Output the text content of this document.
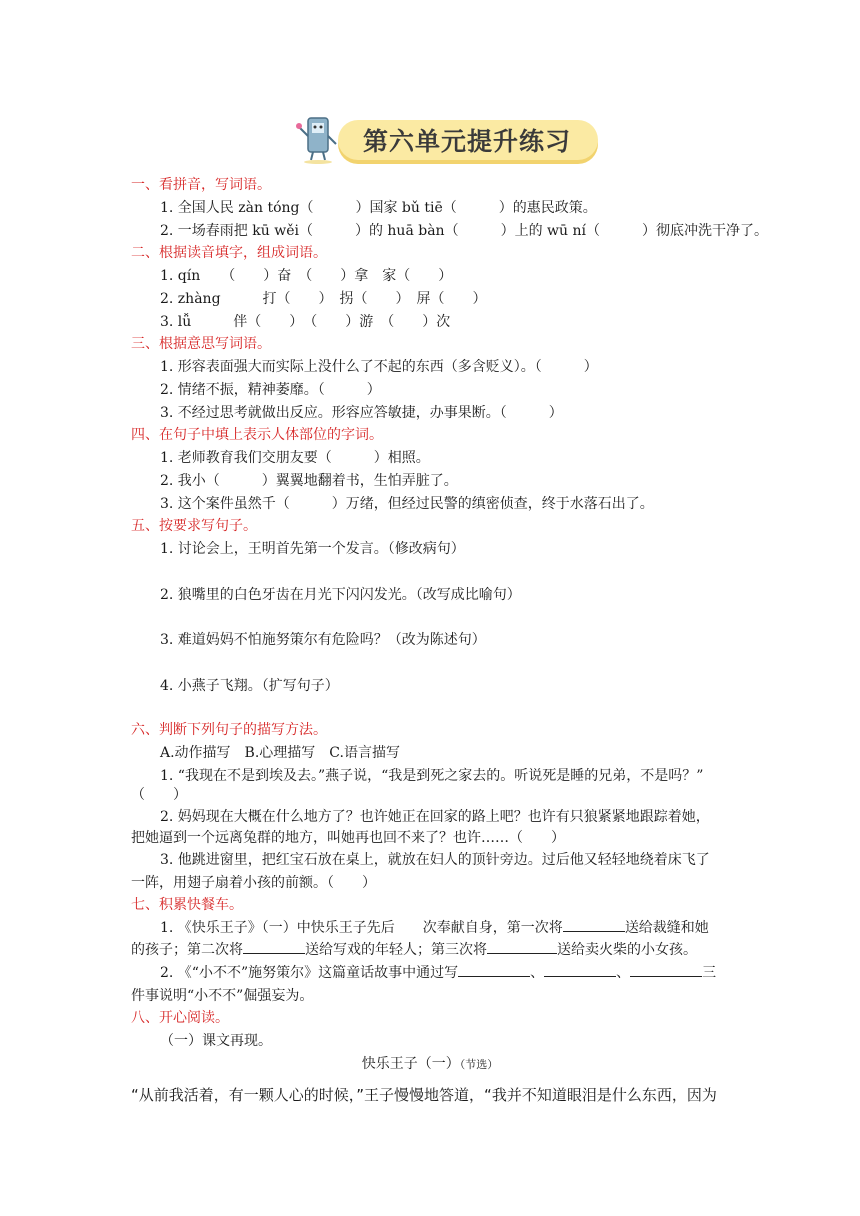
第六单元提升练习
一、看拼音，写词语。
1. 全国人民 zàn tóng（　　　	）国家 bǔ tiē（　　　	）的惠民政策。
2. 一场春雨把 kū wěi（　　　	）的 huā bàn（　　　	）上的 wū ní（　　　	）彻底冲洗干净了。
二、根据读音填字，组成词语。
1. qín　　（　　）奋　（　　）拿　家（　　）
2. zhàng　　　打（　　）　拐（　　）　屏（　　）
3. lǚ　　　伴（　　）　（　　）游　（　　）次
三、根据意思写词语。
1. 形容表面强大而实际上没什么了不起的东西（多含贬义）。（　　　）
2. 情绪不振，精神萎靡。（　　　）
3. 不经过思考就做出反应。形容应答敏捷，办事果断。（　　　）
四、在句子中填上表示人体部位的字词。
1. 老师教育我们交朋友要（　　　）相照。
2. 我小（　　　）翼翼地翻着书，生怕弄脏了。
3. 这个案件虽然千（　　　）万绪，但经过民警的缜密侦查，终于水落石出了。
五、按要求写句子。
1. 讨论会上，王明首先第一个发言。（修改病句）
2. 狼嘴里的白色牙齿在月光下闪闪发光。（改写成比喻句）
3. 难道妈妈不怕施努策尔有危险吗？（改为陈述句）
4. 小燕子飞翔。（扩写句子）
六、判断下列句子的描写方法。
A.动作描写　B.心理描写　C.语言描写
1. “我现在不是到埃及去。”燕子说，“我是到死之家去的。听说死是睡的兄弟，不是吗？”
（　　）
2. 妈妈现在大概在什么地方了？也许她正在回家的路上吧？也许有只狼紧紧地跟踪着她，
把她逼到一个远离兔群的地方，叫她再也回不来了？也许……（　　）
3. 他跳进窗里，把红宝石放在桌上，就放在妇人的顶针旁边。过后他又轻轻地绕着床飞了
一阵，用翅子扇着小孩的前额。（　　）
七、积累快餐车。
1. 《快乐王子》（一）中快乐王子先后　　次奉献自身，第一次将	送给裁缝和她
的孩子；第二次将	送给写戏的年轻人；第三次将	送给卖火柴的小女孩。
2. 《“小不不”施努策尔》这篇童话故事中通过写	、	、	三
件事说明“小不不”倔强妄为。
八、开心阅读。
（一）课文再现。
快乐王子（一）（节选）
“从前我活着，有一颗人心的时候，”王子慢慢地答道，“我并不知道眼泪是什么东西，因为
